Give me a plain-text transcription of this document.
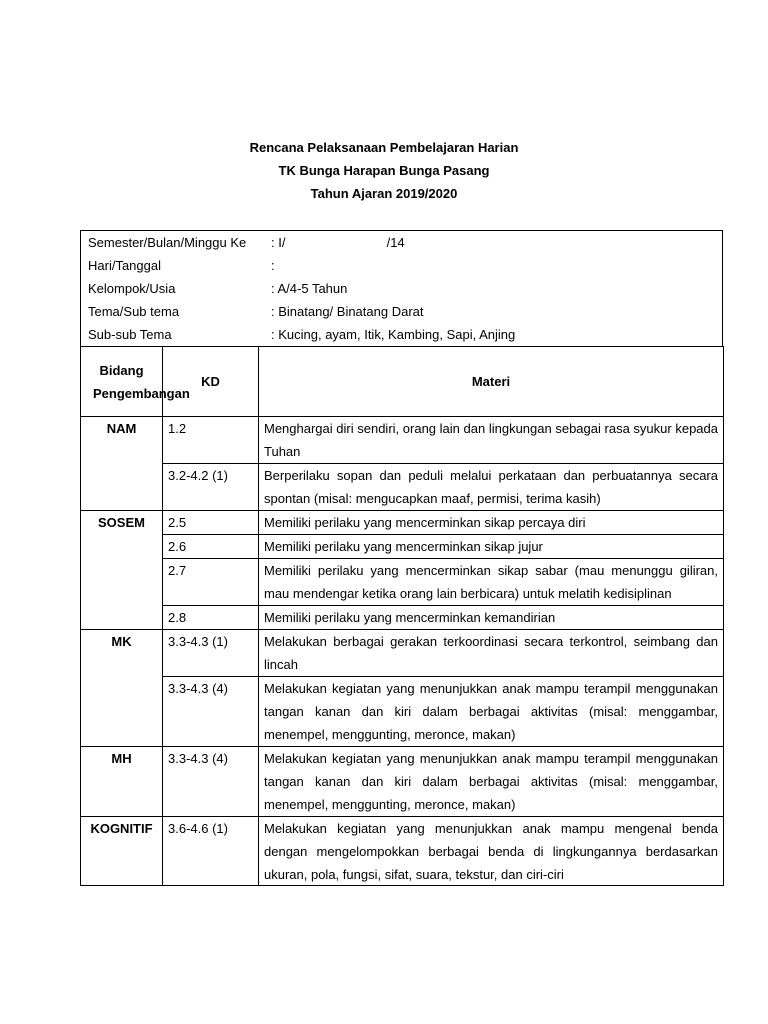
Rencana Pelaksanaan Pembelajaran Harian
TK Bunga Harapan Bunga Pasang
Tahun Ajaran 2019/2020
Semester/Bulan/Minggu Ke : I/                            /14
Hari/Tanggal	:
Kelompok/Usia	: A/4-5 Tahun
Tema/Sub tema	: Binatang/ Binatang Darat
Sub-sub Tema	: Kucing, ayam, Itik, Kambing, Sapi, Anjing
Bidang Pengembangan	KD	Materi
NAM	1.2	Menghargai diri sendiri, orang lain dan lingkungan sebagai rasa syukur kepada Tuhan
	3.2-4.2 (1)	Berperilaku sopan dan peduli melalui perkataan dan perbuatannya secara spontan (misal: mengucapkan maaf, permisi, terima kasih)
SOSEM	2.5	Memiliki perilaku yang mencerminkan sikap percaya diri
	2.6	Memiliki perilaku yang mencerminkan sikap jujur
	2.7	Memiliki perilaku yang mencerminkan sikap sabar (mau menunggu giliran, mau mendengar ketika orang lain berbicara) untuk melatih kedisiplinan
	2.8	Memiliki perilaku yang mencerminkan kemandirian
MK	3.3-4.3 (1)	Melakukan berbagai gerakan terkoordinasi secara terkontrol, seimbang dan lincah
	3.3-4.3 (4)	Melakukan kegiatan yang menunjukkan anak mampu terampil menggunakan tangan kanan dan kiri dalam berbagai aktivitas (misal: menggambar, menempel, menggunting, meronce, makan)
MH	3.3-4.3 (4)	Melakukan kegiatan yang menunjukkan anak mampu terampil menggunakan tangan kanan dan kiri dalam berbagai aktivitas (misal: menggambar, menempel, menggunting, meronce, makan)
KOGNITIF	3.6-4.6 (1)	Melakukan kegiatan yang menunjukkan anak mampu mengenal benda dengan mengelompokkan berbagai benda di lingkungannya berdasarkan ukuran, pola, fungsi, sifat, suara, tekstur, dan ciri-ciri
